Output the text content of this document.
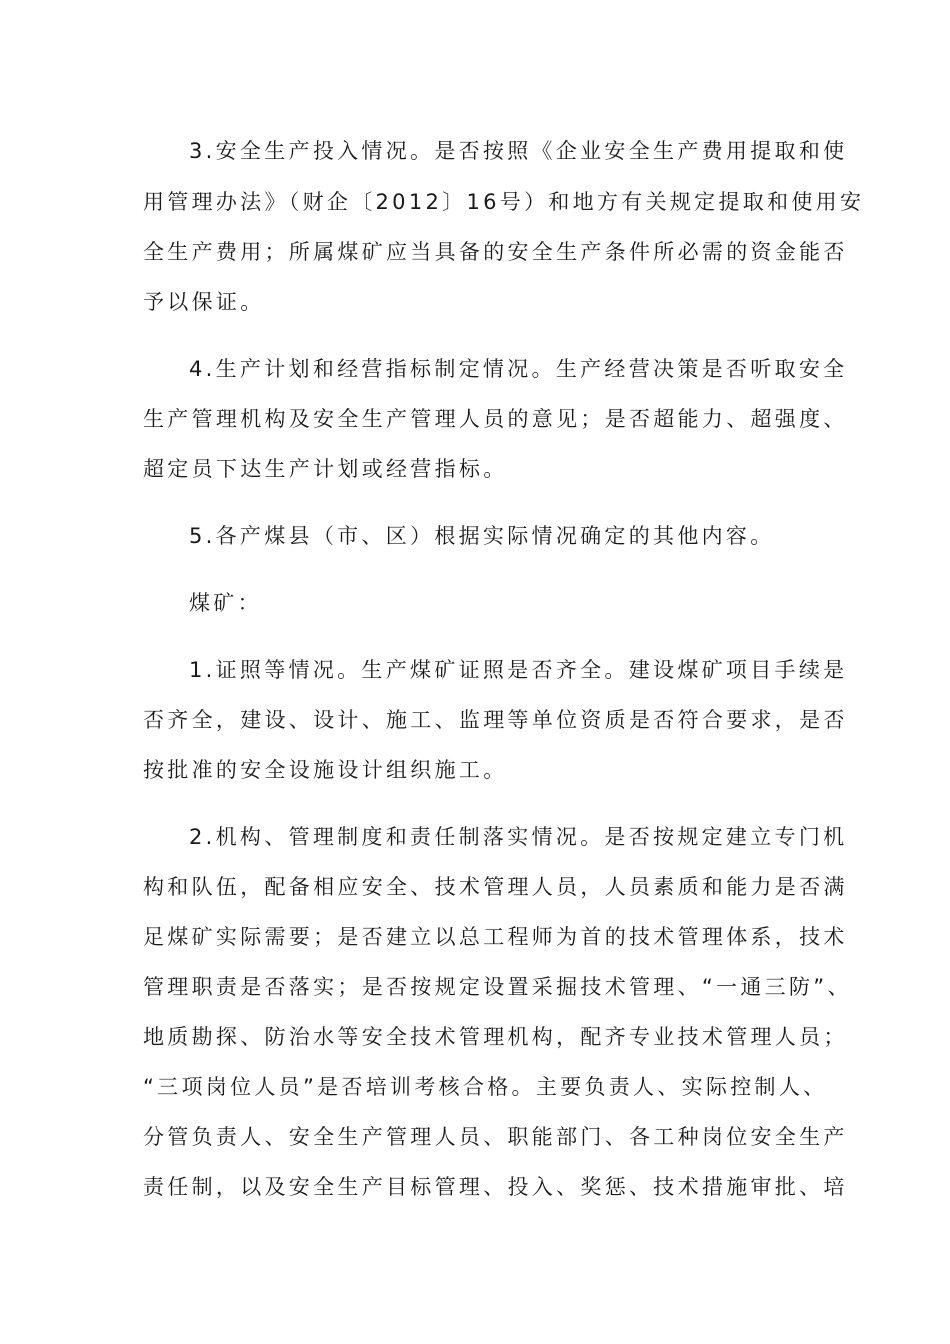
3.安全生产投入情况。是否按照《企业安全生产费用提取和使
用管理办法》（财企〔2012〕16号）和地方有关规定提取和使用安
全生产费用；所属煤矿应当具备的安全生产条件所必需的资金能否
予以保证。
4.生产计划和经营指标制定情况。生产经营决策是否听取安全
生产管理机构及安全生产管理人员的意见；是否超能力、超强度、
超定员下达生产计划或经营指标。
5.各产煤县（市、区）根据实际情况确定的其他内容。
煤矿：
1.证照等情况。生产煤矿证照是否齐全。建设煤矿项目手续是
否齐全，建设、设计、施工、监理等单位资质是否符合要求，是否
按批准的安全设施设计组织施工。
2.机构、管理制度和责任制落实情况。是否按规定建立专门机
构和队伍，配备相应安全、技术管理人员，人员素质和能力是否满
足煤矿实际需要；是否建立以总工程师为首的技术管理体系，技术
管理职责是否落实；是否按规定设置采掘技术管理、“一通三防”、
地质勘探、防治水等安全技术管理机构，配齐专业技术管理人员；
“三项岗位人员”是否培训考核合格。主要负责人、实际控制人、
分管负责人、安全生产管理人员、职能部门、各工种岗位安全生产
责任制，以及安全生产目标管理、投入、奖惩、技术措施审批、培
